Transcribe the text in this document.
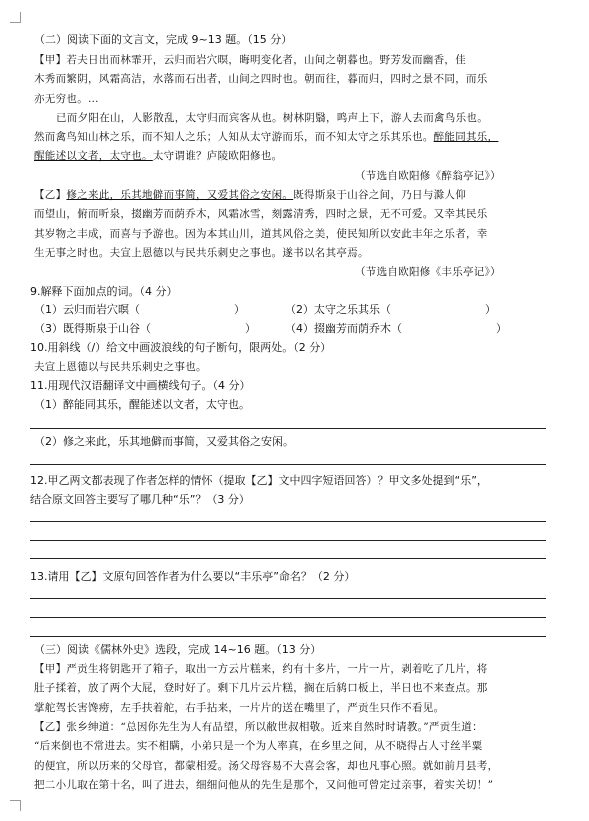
（二）阅读下面的文言文，完成 9~13 题。（15 分）
【甲】若夫日出而林霏开，云归而岩穴暝，晦明变化者，山间之朝暮也。野芳发而幽香，佳
木秀而繁阴，风霜高洁，水落而石出者，山间之四时也。朝而往，暮而归，四时之景不同，而乐
亦无穷也。…
已而夕阳在山，人影散乱，太守归而宾客从也。树林阴翳，鸣声上下，游人去而禽鸟乐也。
然而禽鸟知山林之乐，而不知人之乐；人知从太守游而乐，而不知太守之乐其乐也。醉能同其乐，
醒能述以文者，太守也。太守谓谁？庐陵欧阳修也。
（节选自欧阳修《醉翁亭记》）
【乙】修之来此，乐其地僻而事简，又爱其俗之安闲。既得斯泉于山谷之间，乃日与滁人仰
而望山，俯而听泉，掇幽芳而荫乔木，风霜冰雪，刻露清秀，四时之景，无不可爱。又幸其民乐
其岁物之丰成，而喜与予游也。因为本其山川，道其风俗之美，使民知所以安此丰年之乐者，幸
生无事之时也。夫宣上恩德以与民共乐刺史之事也。遂书以名其亭焉。
（节选自欧阳修《丰乐亭记》）
9.解释下面加点的词。（4 分）
（1）云归而岩穴暝（	）	（2）太守之乐其乐（	）
（3）既得斯泉于山谷（	）	（4）掇幽芳而荫乔木（	）
10.用斜线（/）给文中画波浪线的句子断句，限两处。（2 分）
夫宣上恩德以与民共乐刺史之事也。
11.用现代汉语翻译文中画横线句子。（4 分）
（1）醉能同其乐，醒能述以文者，太守也。
（2）修之来此，乐其地僻而事简，又爱其俗之安闲。
12.甲乙两文都表现了作者怎样的情怀（提取【乙】文中四字短语回答）？甲文多处提到“乐”，
结合原文回答主要写了哪几种“乐”？（3 分）
13.请用【乙】文原句回答作者为什么要以“丰乐亭”命名？（2 分）
（三）阅读《儒林外史》选段，完成 14~16 题。（13 分）
【甲】严贡生将钥匙开了箱子，取出一方云片糕来，约有十多片，一片一片，剥着吃了几片，将
肚子揉着，放了两个大屁，登时好了。剩下几片云片糕，搁在后鸫口板上，半日也不来查点。那
掌舵驾长害馋痨，左手扶着舵，右手拈来，一片片的送在嘴里了，严贡生只作不看见。
【乙】张乡绅道：“总因你先生为人有品望，所以敝世叔相敬。近来自然时时请教。”严贡生道：
“后来倒也不常进去。实不相瞒，小弟只是一个为人率真，在乡里之间，从不晓得占人寸丝半粟
的便宜，所以历来的父母官，都蒙相爱。汤父母容易不大喜会客，却也凡事心照。就如前月县考，
把二小儿取在第十名，叫了进去，细细问他从的先生是那个，又问他可曾定过亲事，着实关切！”
